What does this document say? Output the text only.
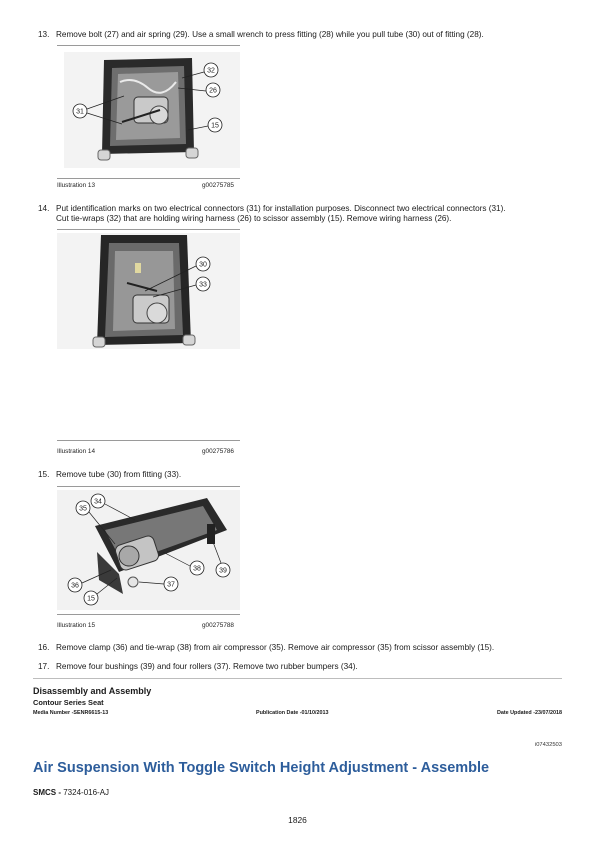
13. Remove bolt (27) and air spring (29). Use a small wrench to press fitting (28) while you pull tube (30) out of fitting (28).
32
26
31
15
Illustration 13	g00275785
14. Put identification marks on two electrical connectors (31) for installation purposes. Disconnect two electrical connectors (31).
Cut tie-wraps (32) that are holding wiring harness (26) to scissor assembly (15). Remove wiring harness (26).
30
33
Illustration 14	g00275786
15. Remove tube (30) from fitting (33).
35
34
38	39
36	37
15
Illustration 15	g00275788
16. Remove clamp (36) and tie-wrap (38) from air compressor (35). Remove air compressor (35) from scissor assembly (15).
17. Remove four bushings (39) and four rollers (37). Remove two rubber bumpers (34).
Disassembly and Assembly
Contour Series Seat
Media Number -SENR6615-13	Publication Date -01/10/2013	Date Updated -23/07/2018
i07432503
Air Suspension With Toggle Switch Height Adjustment - Assemble
SMCS - 7324-016-AJ
1826
